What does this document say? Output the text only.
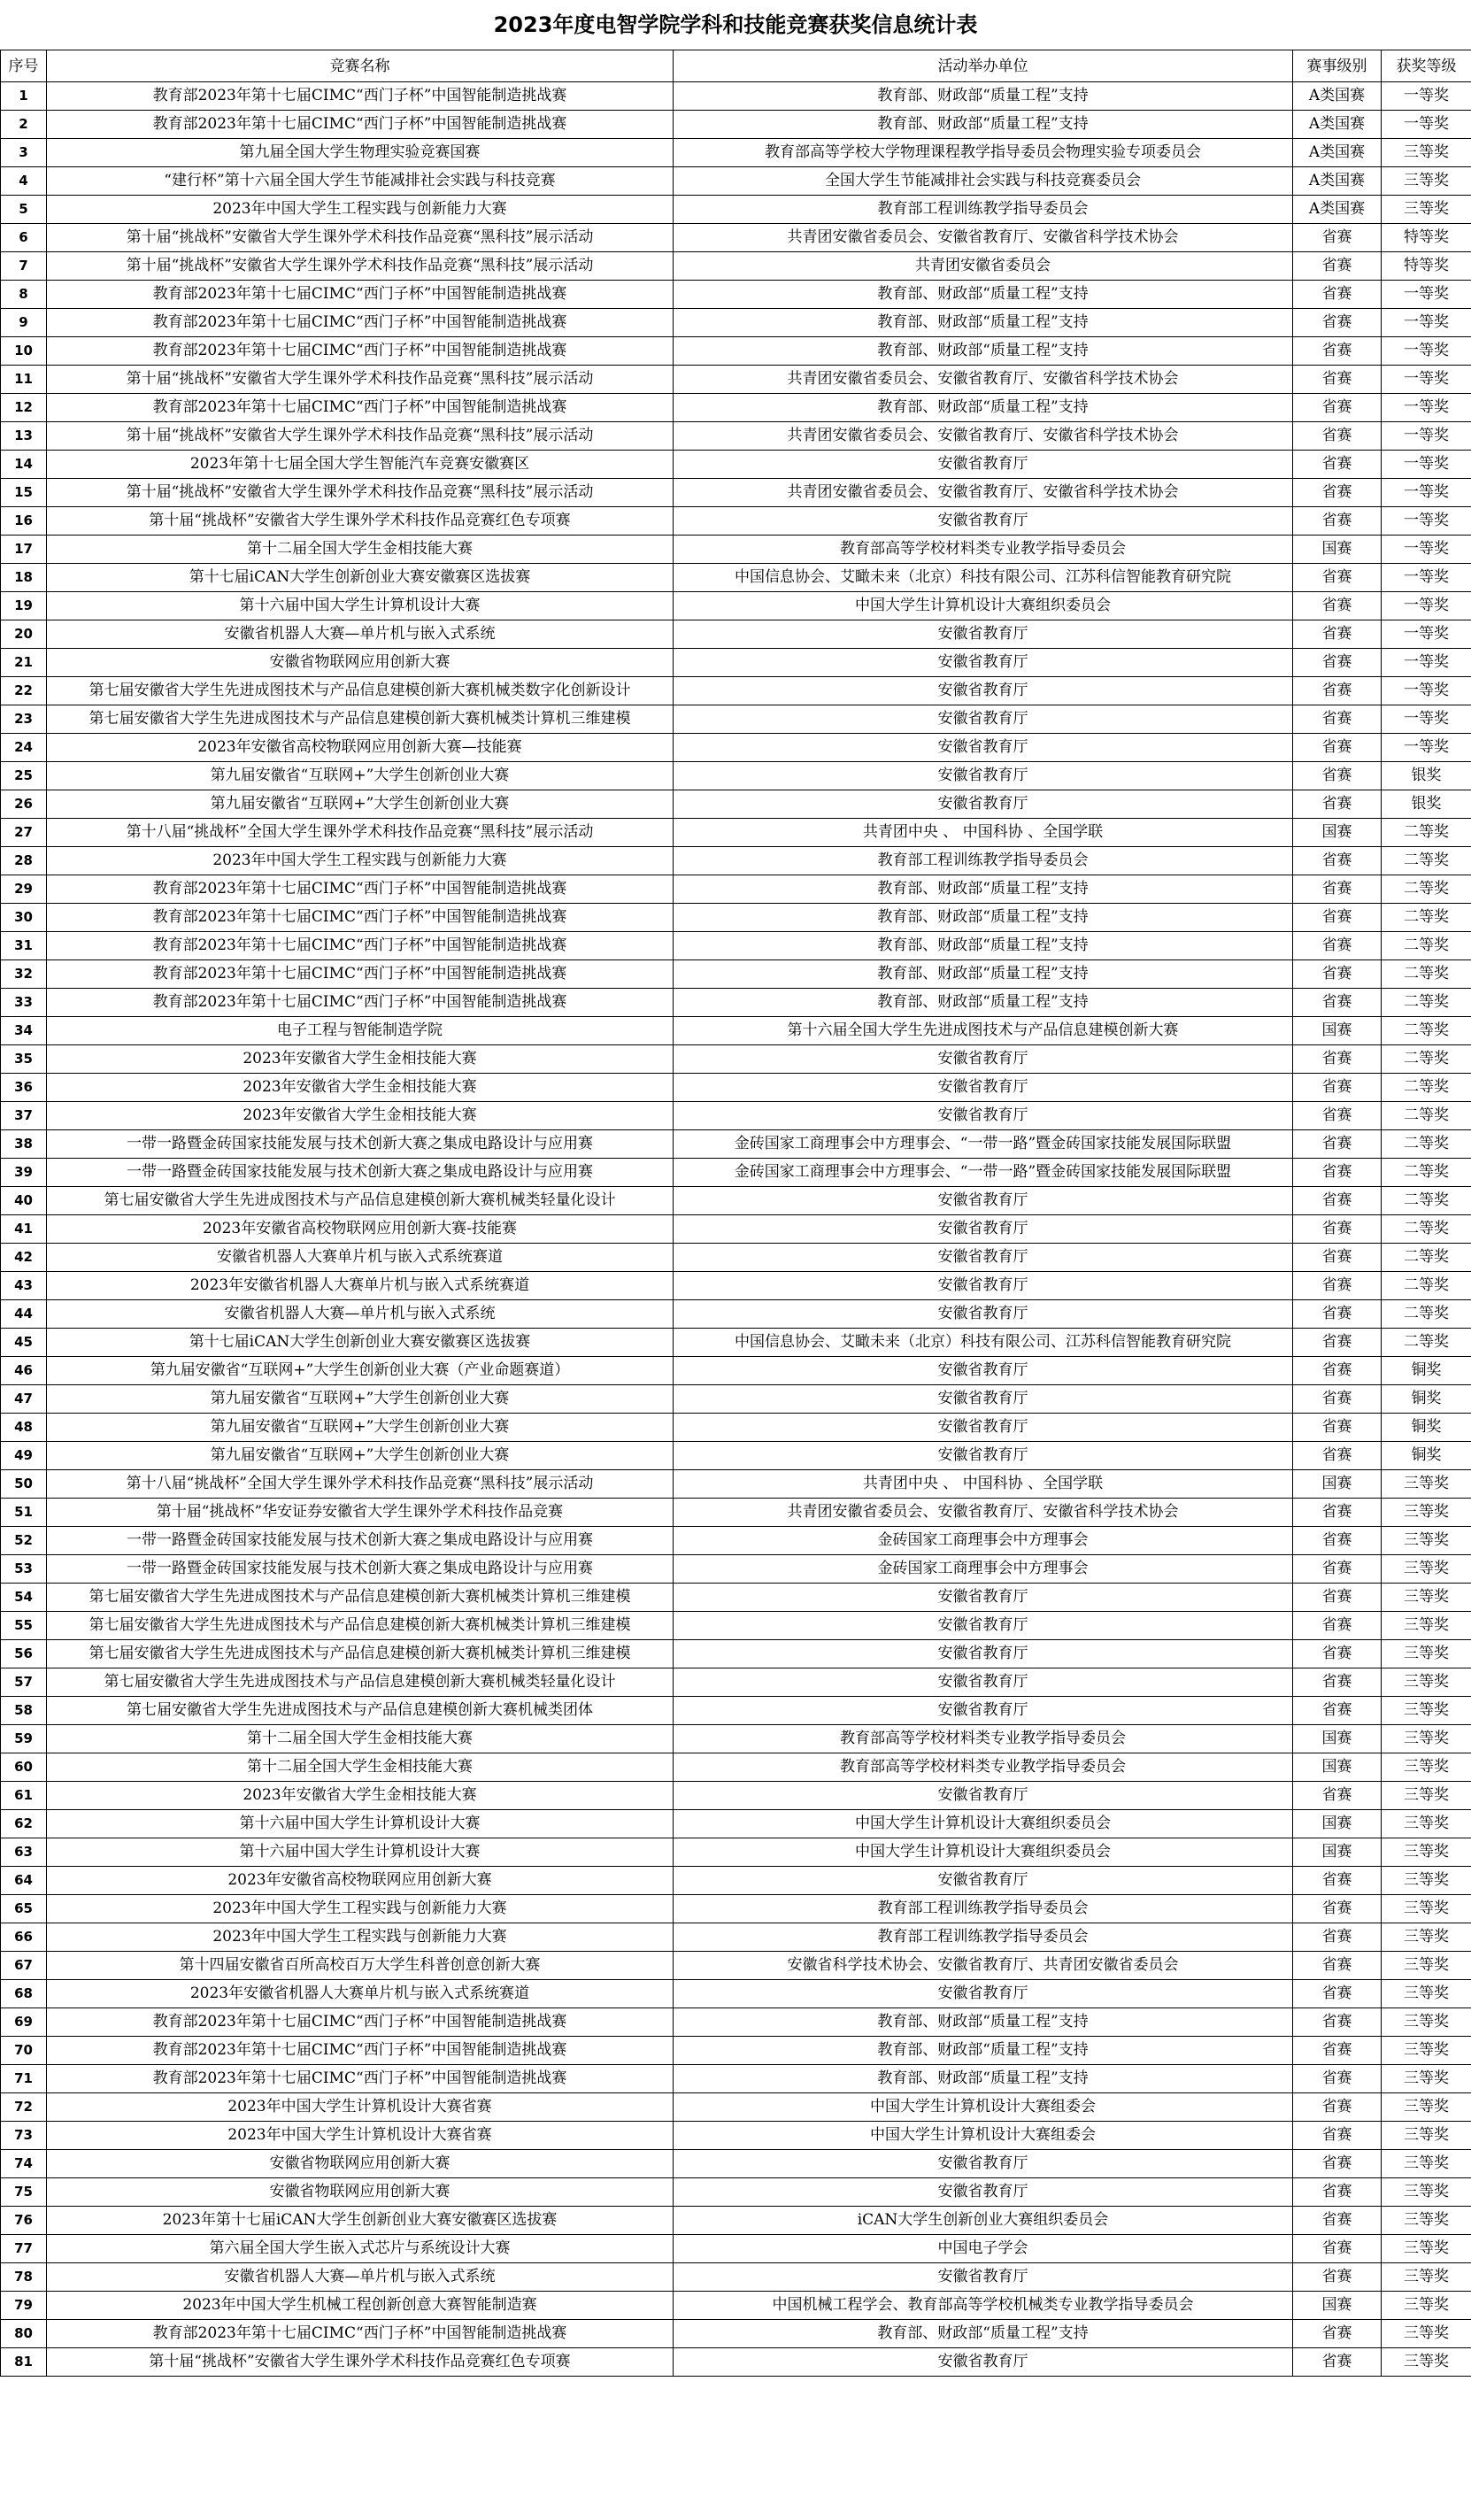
2023年度电智学院学科和技能竞赛获奖信息统计表
序号	竞赛名称	活动举办单位	赛事级别	获奖等级
1	教育部2023年第十七届CIMC“西门子杯”中国智能制造挑战赛	教育部、财政部“质量工程”支持	A类国赛	一等奖
2	教育部2023年第十七届CIMC“西门子杯”中国智能制造挑战赛	教育部、财政部“质量工程”支持	A类国赛	一等奖
3	第九届全国大学生物理实验竞赛国赛	教育部高等学校大学物理课程教学指导委员会物理实验专项委员会	A类国赛	三等奖
4	“建行杯”第十六届全国大学生节能减排社会实践与科技竞赛	全国大学生节能减排社会实践与科技竞赛委员会	A类国赛	三等奖
5	2023年中国大学生工程实践与创新能力大赛	教育部工程训练教学指导委员会	A类国赛	三等奖
6	第十届“挑战杯”安徽省大学生课外学术科技作品竞赛“黑科技”展示活动	共青团安徽省委员会、安徽省教育厅、安徽省科学技术协会	省赛	特等奖
7	第十届“挑战杯”安徽省大学生课外学术科技作品竞赛“黑科技”展示活动	共青团安徽省委员会	省赛	特等奖
8	教育部2023年第十七届CIMC“西门子杯”中国智能制造挑战赛	教育部、财政部“质量工程”支持	省赛	一等奖
9	教育部2023年第十七届CIMC“西门子杯”中国智能制造挑战赛	教育部、财政部“质量工程”支持	省赛	一等奖
10	教育部2023年第十七届CIMC“西门子杯”中国智能制造挑战赛	教育部、财政部“质量工程”支持	省赛	一等奖
11	第十届“挑战杯”安徽省大学生课外学术科技作品竞赛“黑科技”展示活动	共青团安徽省委员会、安徽省教育厅、安徽省科学技术协会	省赛	一等奖
12	教育部2023年第十七届CIMC“西门子杯”中国智能制造挑战赛	教育部、财政部“质量工程”支持	省赛	一等奖
13	第十届“挑战杯”安徽省大学生课外学术科技作品竞赛“黑科技”展示活动	共青团安徽省委员会、安徽省教育厅、安徽省科学技术协会	省赛	一等奖
14	2023年第十七届全国大学生智能汽车竞赛安徽赛区	安徽省教育厅	省赛	一等奖
15	第十届“挑战杯”安徽省大学生课外学术科技作品竞赛“黑科技”展示活动	共青团安徽省委员会、安徽省教育厅、安徽省科学技术协会	省赛	一等奖
16	第十届“挑战杯”安徽省大学生课外学术科技作品竞赛红色专项赛	安徽省教育厅	省赛	一等奖
17	第十二届全国大学生金相技能大赛	教育部高等学校材料类专业教学指导委员会	国赛	一等奖
18	第十七届iCAN大学生创新创业大赛安徽赛区选拔赛	中国信息协会、艾瞰未来（北京）科技有限公司、江苏科信智能教育研究院	省赛	一等奖
19	第十六届中国大学生计算机设计大赛	中国大学生计算机设计大赛组织委员会	省赛	一等奖
20	安徽省机器人大赛—单片机与嵌入式系统	安徽省教育厅	省赛	一等奖
21	安徽省物联网应用创新大赛	安徽省教育厅	省赛	一等奖
22	第七届安徽省大学生先进成图技术与产品信息建模创新大赛机械类数字化创新设计	安徽省教育厅	省赛	一等奖
23	第七届安徽省大学生先进成图技术与产品信息建模创新大赛机械类计算机三维建模	安徽省教育厅	省赛	一等奖
24	2023年安徽省高校物联网应用创新大赛—技能赛	安徽省教育厅	省赛	一等奖
25	第九届安徽省“互联网+”大学生创新创业大赛	安徽省教育厅	省赛	银奖
26	第九届安徽省“互联网+”大学生创新创业大赛	安徽省教育厅	省赛	银奖
27	第十八届“挑战杯”全国大学生课外学术科技作品竞赛“黑科技”展示活动	共青团中央 、 中国科协 、全国学联	国赛	二等奖
28	2023年中国大学生工程实践与创新能力大赛	教育部工程训练教学指导委员会	省赛	二等奖
29	教育部2023年第十七届CIMC“西门子杯”中国智能制造挑战赛	教育部、财政部“质量工程”支持	省赛	二等奖
30	教育部2023年第十七届CIMC“西门子杯”中国智能制造挑战赛	教育部、财政部“质量工程”支持	省赛	二等奖
31	教育部2023年第十七届CIMC“西门子杯”中国智能制造挑战赛	教育部、财政部“质量工程”支持	省赛	二等奖
32	教育部2023年第十七届CIMC“西门子杯”中国智能制造挑战赛	教育部、财政部“质量工程”支持	省赛	二等奖
33	教育部2023年第十七届CIMC“西门子杯”中国智能制造挑战赛	教育部、财政部“质量工程”支持	省赛	二等奖
34	电子工程与智能制造学院	第十六届全国大学生先进成图技术与产品信息建模创新大赛	国赛	二等奖
35	2023年安徽省大学生金相技能大赛	安徽省教育厅	省赛	二等奖
36	2023年安徽省大学生金相技能大赛	安徽省教育厅	省赛	二等奖
37	2023年安徽省大学生金相技能大赛	安徽省教育厅	省赛	二等奖
38	一带一路暨金砖国家技能发展与技术创新大赛之集成电路设计与应用赛	金砖国家工商理事会中方理事会、“一带一路”暨金砖国家技能发展国际联盟	省赛	二等奖
39	一带一路暨金砖国家技能发展与技术创新大赛之集成电路设计与应用赛	金砖国家工商理事会中方理事会、“一带一路”暨金砖国家技能发展国际联盟	省赛	二等奖
40	第七届安徽省大学生先进成图技术与产品信息建模创新大赛机械类轻量化设计	安徽省教育厅	省赛	二等奖
41	2023年安徽省高校物联网应用创新大赛-技能赛	安徽省教育厅	省赛	二等奖
42	安徽省机器人大赛单片机与嵌入式系统赛道	安徽省教育厅	省赛	二等奖
43	2023年安徽省机器人大赛单片机与嵌入式系统赛道	安徽省教育厅	省赛	二等奖
44	安徽省机器人大赛—单片机与嵌入式系统	安徽省教育厅	省赛	二等奖
45	第十七届iCAN大学生创新创业大赛安徽赛区选拔赛	中国信息协会、艾瞰未来（北京）科技有限公司、江苏科信智能教育研究院	省赛	二等奖
46	第九届安徽省“互联网+”大学生创新创业大赛（产业命题赛道）	安徽省教育厅	省赛	铜奖
47	第九届安徽省“互联网+”大学生创新创业大赛	安徽省教育厅	省赛	铜奖
48	第九届安徽省“互联网+”大学生创新创业大赛	安徽省教育厅	省赛	铜奖
49	第九届安徽省“互联网+”大学生创新创业大赛	安徽省教育厅	省赛	铜奖
50	第十八届“挑战杯”全国大学生课外学术科技作品竞赛“黑科技”展示活动	共青团中央 、 中国科协 、全国学联	国赛	三等奖
51	第十届“挑战杯”华安证券安徽省大学生课外学术科技作品竞赛	共青团安徽省委员会、安徽省教育厅、安徽省科学技术协会	省赛	三等奖
52	一带一路暨金砖国家技能发展与技术创新大赛之集成电路设计与应用赛	金砖国家工商理事会中方理事会	省赛	三等奖
53	一带一路暨金砖国家技能发展与技术创新大赛之集成电路设计与应用赛	金砖国家工商理事会中方理事会	省赛	三等奖
54	第七届安徽省大学生先进成图技术与产品信息建模创新大赛机械类计算机三维建模	安徽省教育厅	省赛	三等奖
55	第七届安徽省大学生先进成图技术与产品信息建模创新大赛机械类计算机三维建模	安徽省教育厅	省赛	三等奖
56	第七届安徽省大学生先进成图技术与产品信息建模创新大赛机械类计算机三维建模	安徽省教育厅	省赛	三等奖
57	第七届安徽省大学生先进成图技术与产品信息建模创新大赛机械类轻量化设计	安徽省教育厅	省赛	三等奖
58	第七届安徽省大学生先进成图技术与产品信息建模创新大赛机械类团体	安徽省教育厅	省赛	三等奖
59	第十二届全国大学生金相技能大赛	教育部高等学校材料类专业教学指导委员会	国赛	三等奖
60	第十二届全国大学生金相技能大赛	教育部高等学校材料类专业教学指导委员会	国赛	三等奖
61	2023年安徽省大学生金相技能大赛	安徽省教育厅	省赛	三等奖
62	第十六届中国大学生计算机设计大赛	中国大学生计算机设计大赛组织委员会	国赛	三等奖
63	第十六届中国大学生计算机设计大赛	中国大学生计算机设计大赛组织委员会	国赛	三等奖
64	2023年安徽省高校物联网应用创新大赛	安徽省教育厅	省赛	三等奖
65	2023年中国大学生工程实践与创新能力大赛	教育部工程训练教学指导委员会	省赛	三等奖
66	2023年中国大学生工程实践与创新能力大赛	教育部工程训练教学指导委员会	省赛	三等奖
67	第十四届安徽省百所高校百万大学生科普创意创新大赛	安徽省科学技术协会、安徽省教育厅、共青团安徽省委员会	省赛	三等奖
68	2023年安徽省机器人大赛单片机与嵌入式系统赛道	安徽省教育厅	省赛	三等奖
69	教育部2023年第十七届CIMC“西门子杯”中国智能制造挑战赛	教育部、财政部“质量工程”支持	省赛	三等奖
70	教育部2023年第十七届CIMC“西门子杯”中国智能制造挑战赛	教育部、财政部“质量工程”支持	省赛	三等奖
71	教育部2023年第十七届CIMC“西门子杯”中国智能制造挑战赛	教育部、财政部“质量工程”支持	省赛	三等奖
72	2023年中国大学生计算机设计大赛省赛	中国大学生计算机设计大赛组委会	省赛	三等奖
73	2023年中国大学生计算机设计大赛省赛	中国大学生计算机设计大赛组委会	省赛	三等奖
74	安徽省物联网应用创新大赛	安徽省教育厅	省赛	三等奖
75	安徽省物联网应用创新大赛	安徽省教育厅	省赛	三等奖
76	2023年第十七届iCAN大学生创新创业大赛安徽赛区选拔赛	iCAN大学生创新创业大赛组织委员会	省赛	三等奖
77	第六届全国大学生嵌入式芯片与系统设计大赛	中国电子学会	省赛	三等奖
78	安徽省机器人大赛—单片机与嵌入式系统	安徽省教育厅	省赛	三等奖
79	2023年中国大学生机械工程创新创意大赛智能制造赛	中国机械工程学会、教育部高等学校机械类专业教学指导委员会	国赛	三等奖
80	教育部2023年第十七届CIMC“西门子杯”中国智能制造挑战赛	教育部、财政部“质量工程”支持	省赛	三等奖
81	第十届“挑战杯”安徽省大学生课外学术科技作品竞赛红色专项赛	安徽省教育厅	省赛	三等奖
